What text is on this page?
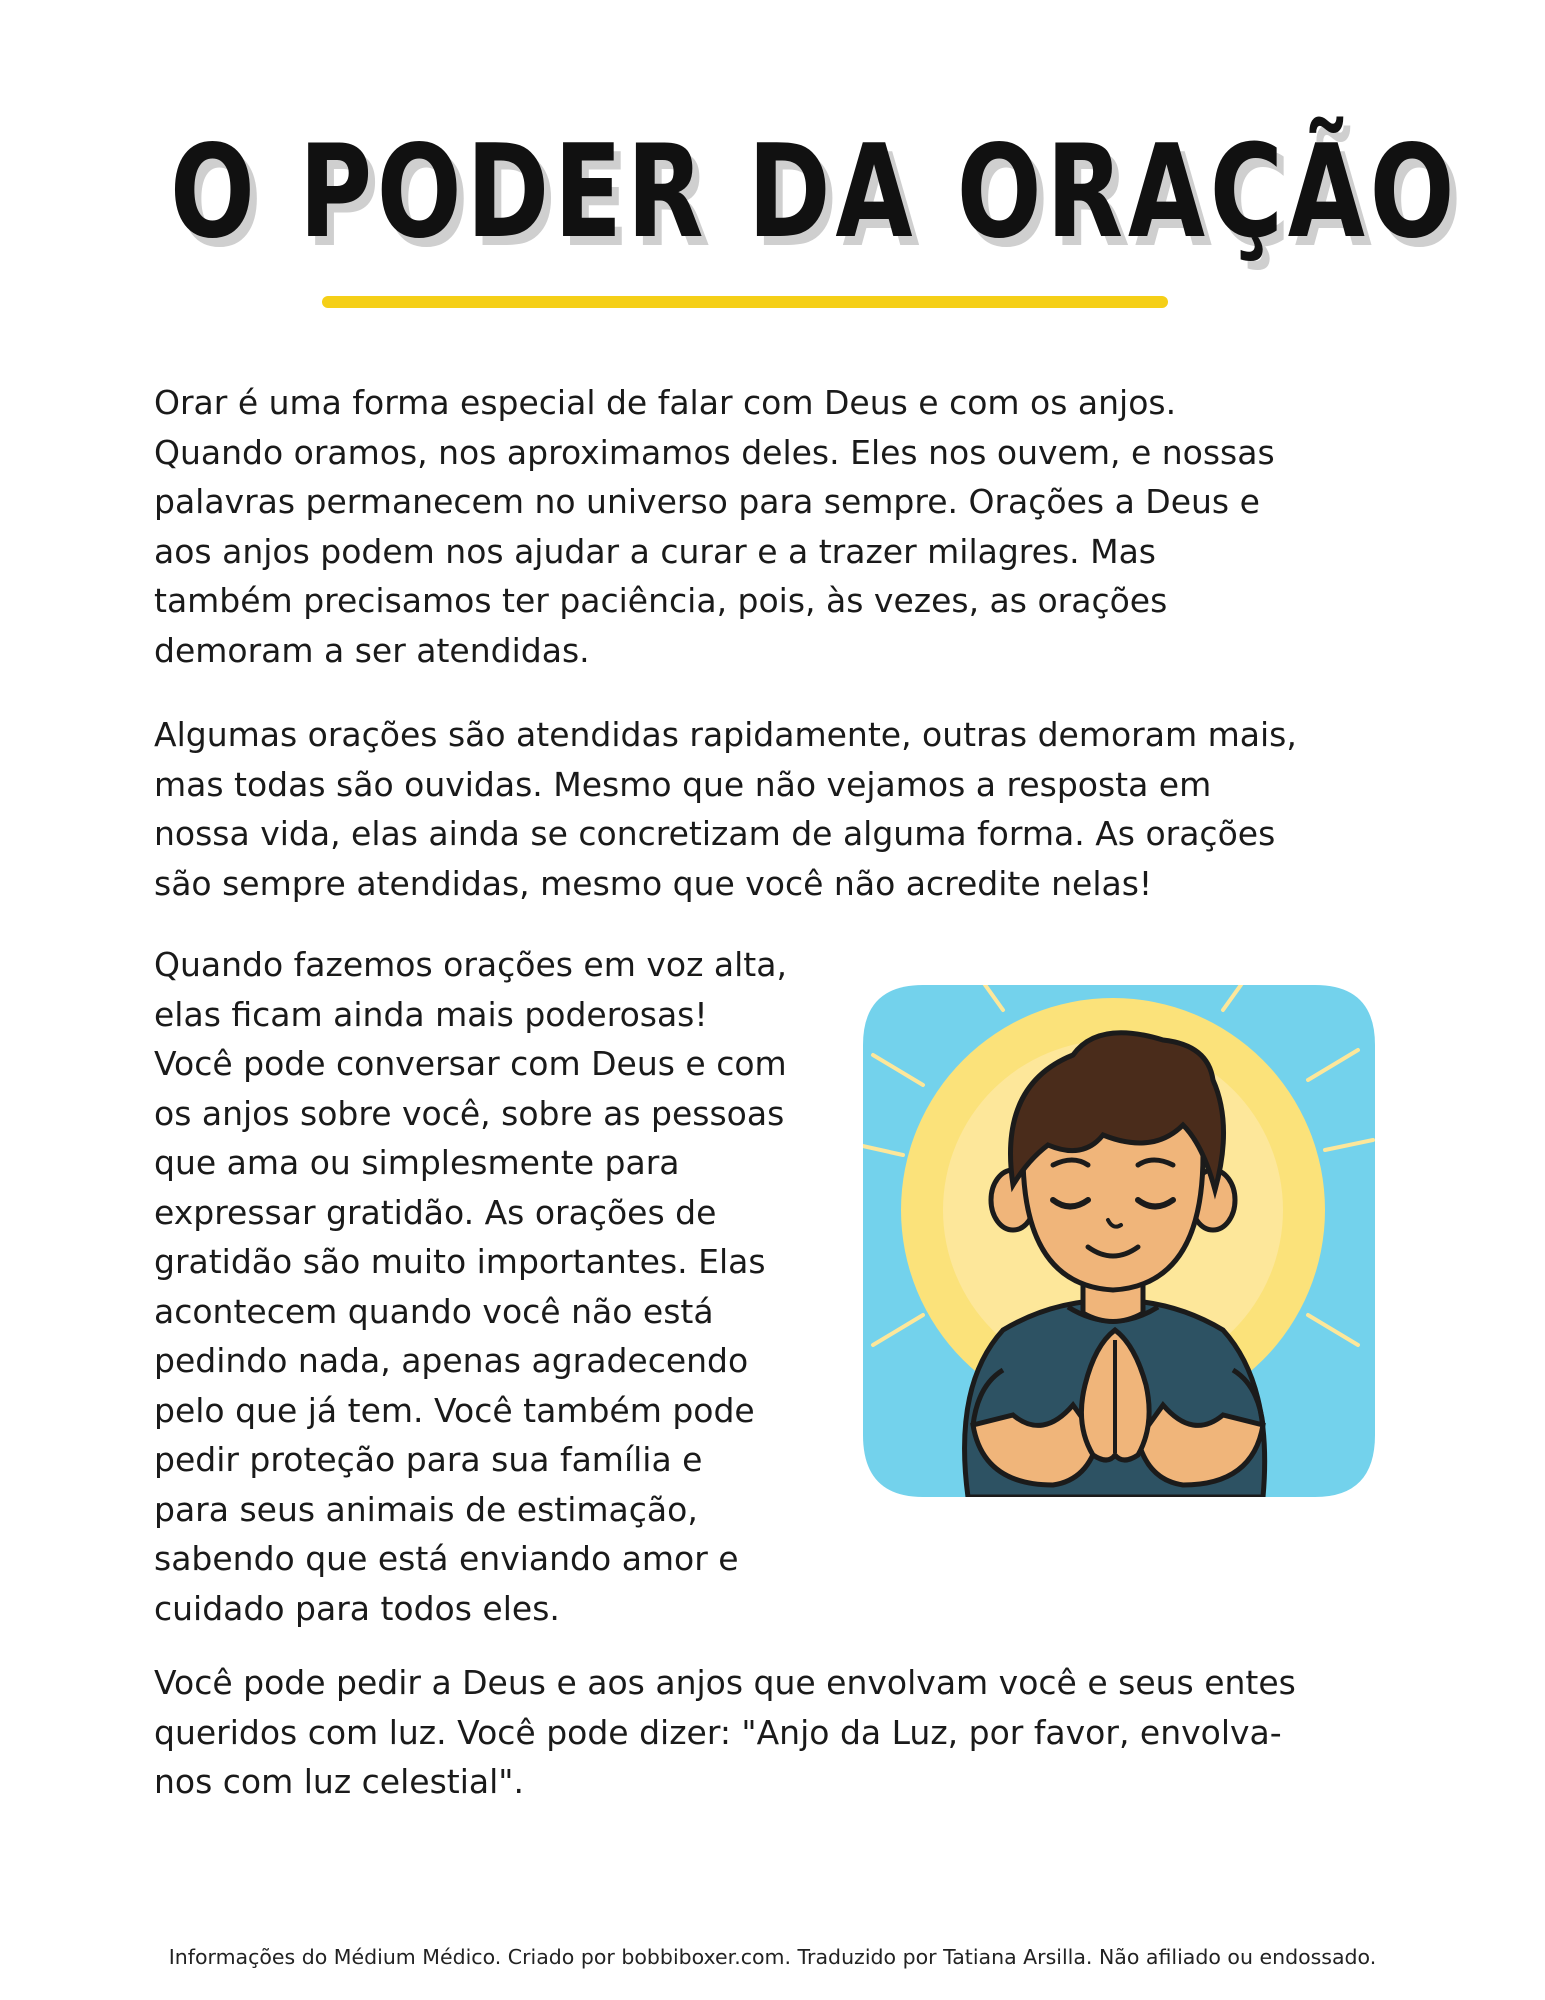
O PODER DA ORAÇÃO

Orar é uma forma especial de falar com Deus e com os anjos.
Quando oramos, nos aproximamos deles. Eles nos ouvem, e nossas
palavras permanecem no universo para sempre. Orações a Deus e
aos anjos podem nos ajudar a curar e a trazer milagres. Mas
também precisamos ter paciência, pois, às vezes, as orações
demoram a ser atendidas.

Algumas orações são atendidas rapidamente, outras demoram mais,
mas todas são ouvidas. Mesmo que não vejamos a resposta em
nossa vida, elas ainda se concretizam de alguma forma. As orações
são sempre atendidas, mesmo que você não acredite nelas!

Quando fazemos orações em voz alta,
elas ficam ainda mais poderosas!
Você pode conversar com Deus e com
os anjos sobre você, sobre as pessoas
que ama ou simplesmente para
expressar gratidão. As orações de
gratidão são muito importantes. Elas
acontecem quando você não está
pedindo nada, apenas agradecendo
pelo que já tem. Você também pode
pedir proteção para sua família e
para seus animais de estimação,
sabendo que está enviando amor e
cuidado para todos eles.

Você pode pedir a Deus e aos anjos que envolvam você e seus entes
queridos com luz. Você pode dizer: "Anjo da Luz, por favor, envolva-
nos com luz celestial".

Informações do Médium Médico. Criado por bobbiboxer.com. Traduzido por Tatiana Arsilla. Não afiliado ou endossado.
